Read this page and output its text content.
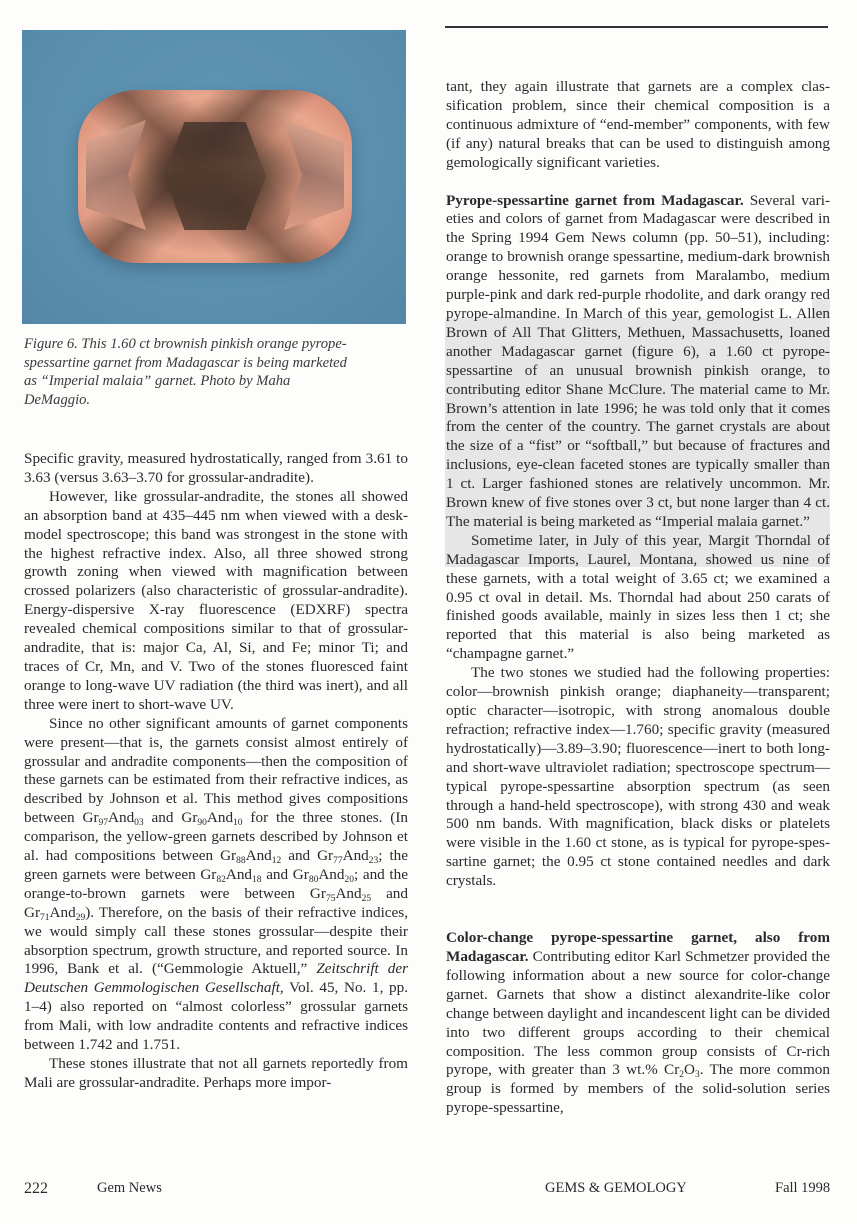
Figure 6. This 1.60 ct brownish pinkish orange pyrope-spessartine garnet from Madagascar is being marketed as “Imperial malaia” garnet. Photo by Maha DeMaggio.

Specific gravity, measured hydrostatically, ranged from 3.61 to 3.63 (versus 3.63–3.70 for grossular-andradite).

However, like grossular-andradite, the stones all showed an absorption band at 435–445 nm when viewed with a desk-model spectroscope; this band was strongest in the stone with the highest refractive index. Also, all three showed strong growth zoning when viewed with magnification between crossed polarizers (also characteristic of grossular-andradite). Energy-dispersive X-ray fluorescence (EDXRF) spectra revealed chemical compositions similar to that of grossular-andradite, that is: major Ca, Al, Si, and Fe; minor Ti; and traces of Cr, Mn, and V. Two of the stones fluoresced faint orange to long-wave UV radiation (the third was inert), and all three were inert to short-wave UV.

Since no other significant amounts of garnet components were present—that is, the garnets consist almost entirely of grossular and andradite components—then the composition of these garnets can be estimated from their refractive indices, as described by Johnson et al. This method gives compositions between $Gr_{97}And_{03}$ and $Gr_{90}And_{10}$ for the three stones. (In comparison, the yellow-green garnets described by Johnson et al. had compositions between $Gr_{88}And_{12}$ and $Gr_{77}And_{23}$; the green garnets were between $Gr_{82}And_{18}$ and $Gr_{80}And_{20}$; and the orange-to-brown garnets were between $Gr_{75}And_{25}$ and $Gr_{71}And_{29}$). Therefore, on the basis of their refractive indices, we would simply call these stones grossular—despite their absorption spectrum, growth structure, and reported source. In 1996, Bank et al. (“Gemmologie Aktuell,” Zeitschrift der Deutschen Gemmologischen Gesellschaft, Vol. 45, No. 1, pp. 1–4) also reported on “almost colorless” grossular garnets from Mali, with low andradite contents and refractive indices between 1.742 and 1.751.

These stones illustrate that not all garnets reportedly from Mali are grossular-andradite. Perhaps more impor-

tant, they again illustrate that garnets are a complex classification problem, since their chemical composition is a continuous admixture of “end-member” components, with few (if any) natural breaks that can be used to distinguish among gemologically significant varieties.

Pyrope-spessartine garnet from Madagascar. Several varieties and colors of garnet from Madagascar were described in the Spring 1994 Gem News column (pp. 50–51), including: orange to brownish orange spessartine, medium-dark brownish orange hessonite, red garnets from Maralambo, medium purple-pink and dark red-purple rhodolite, and dark orangy red pyrope-almandine. In March of this year, gemologist L. Allen Brown of All That Glitters, Methuen, Massachusetts, loaned another Madagascar garnet (figure 6), a 1.60 ct pyrope-spessartine of an unusual brownish pinkish orange, to contributing editor Shane McClure. The material came to Mr. Brown’s attention in late 1996; he was told only that it comes from the center of the country. The garnet crystals are about the size of a “fist” or “softball,” but because of fractures and inclusions, eye-clean faceted stones are typically smaller than 1 ct. Larger fashioned stones are relatively uncommon. Mr. Brown knew of five stones over 3 ct, but none larger than 4 ct. The material is being marketed as “Imperial malaia garnet.”

Sometime later, in July of this year, Margit Thorndal of Madagascar Imports, Laurel, Montana, showed us nine of these garnets, with a total weight of 3.65 ct; we examined a 0.95 ct oval in detail. Ms. Thorndal had about 250 carats of finished goods available, mainly in sizes less then 1 ct; she reported that this material is also being marketed as “champagne garnet.”

The two stones we studied had the following properties: color—brownish pinkish orange; diaphaneity—transparent; optic character—isotropic, with strong anomalous double refraction; refractive index—1.760; specific gravity (measured hydrostatically)—3.89–3.90; fluorescence—inert to both long- and short-wave ultraviolet radiation; spectroscope spectrum—typical pyrope-spessartine absorption spectrum (as seen through a hand-held spectroscope), with strong 430 and weak 500 nm bands. With magnification, black disks or platelets were visible in the 1.60 ct stone, as is typical for pyrope-spessartine garnet; the 0.95 ct stone contained needles and dark crystals.

Color-change pyrope-spessartine garnet, also from Madagascar. Contributing editor Karl Schmetzer provided the following information about a new source for color-change garnet. Garnets that show a distinct alexandrite-like color change between daylight and incandescent light can be divided into two different groups according to their chemical composition. The less common group consists of Cr-rich pyrope, with greater than 3 wt.% $Cr_2O_3$. The more common group is formed by members of the solid-solution series pyrope-spessartine,

222	Gem News	GEMS & GEMOLOGY	Fall 1998
